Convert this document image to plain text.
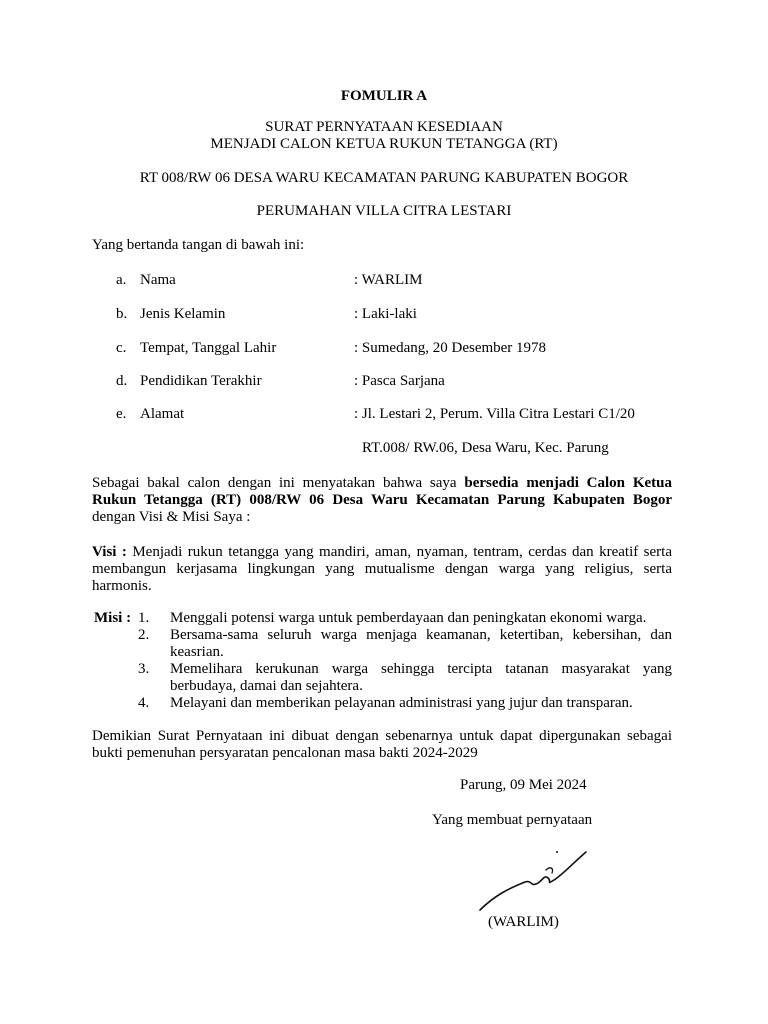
FOMULIR A
SURAT PERNYATAAN KESEDIAAN
MENJADI CALON KETUA RUKUN TETANGGA (RT)
RT 008/RW 06 DESA WARU KECAMATAN PARUNG KABUPATEN BOGOR
PERUMAHAN VILLA CITRA LESTARI
Yang bertanda tangan di bawah ini:
a. Nama	: WARLIM
b. Jenis Kelamin	: Laki-laki
c. Tempat, Tanggal Lahir	: Sumedang, 20 Desember 1978
d. Pendidikan Terakhir	: Pasca Sarjana
e. Alamat	: Jl. Lestari 2, Perum. Villa Citra Lestari C1/20
RT.008/ RW.06, Desa Waru, Kec. Parung
Sebagai bakal calon dengan ini menyatakan bahwa saya bersedia menjadi Calon Ketua Rukun Tetangga (RT) 008/RW 06 Desa Waru Kecamatan Parung Kabupaten Bogor dengan Visi & Misi Saya :
Visi : Menjadi rukun tetangga yang mandiri, aman, nyaman, tentram, cerdas dan kreatif serta membangun kerjasama lingkungan yang mutualisme dengan warga yang religius, serta harmonis.
Misi : 1. Menggali potensi warga untuk pemberdayaan dan peningkatan ekonomi warga.
2. Bersama-sama seluruh warga menjaga keamanan, ketertiban, kebersihan, dan keasrian.
3. Memelihara kerukunan warga sehingga tercipta tatanan masyarakat yang berbudaya, damai dan sejahtera.
4. Melayani dan memberikan pelayanan administrasi yang jujur dan transparan.
Demikian Surat Pernyataan ini dibuat dengan sebenarnya untuk dapat dipergunakan sebagai bukti pemenuhan persyaratan pencalonan masa bakti 2024-2029
Parung, 09 Mei 2024
Yang membuat pernyataan
(WARLIM)
